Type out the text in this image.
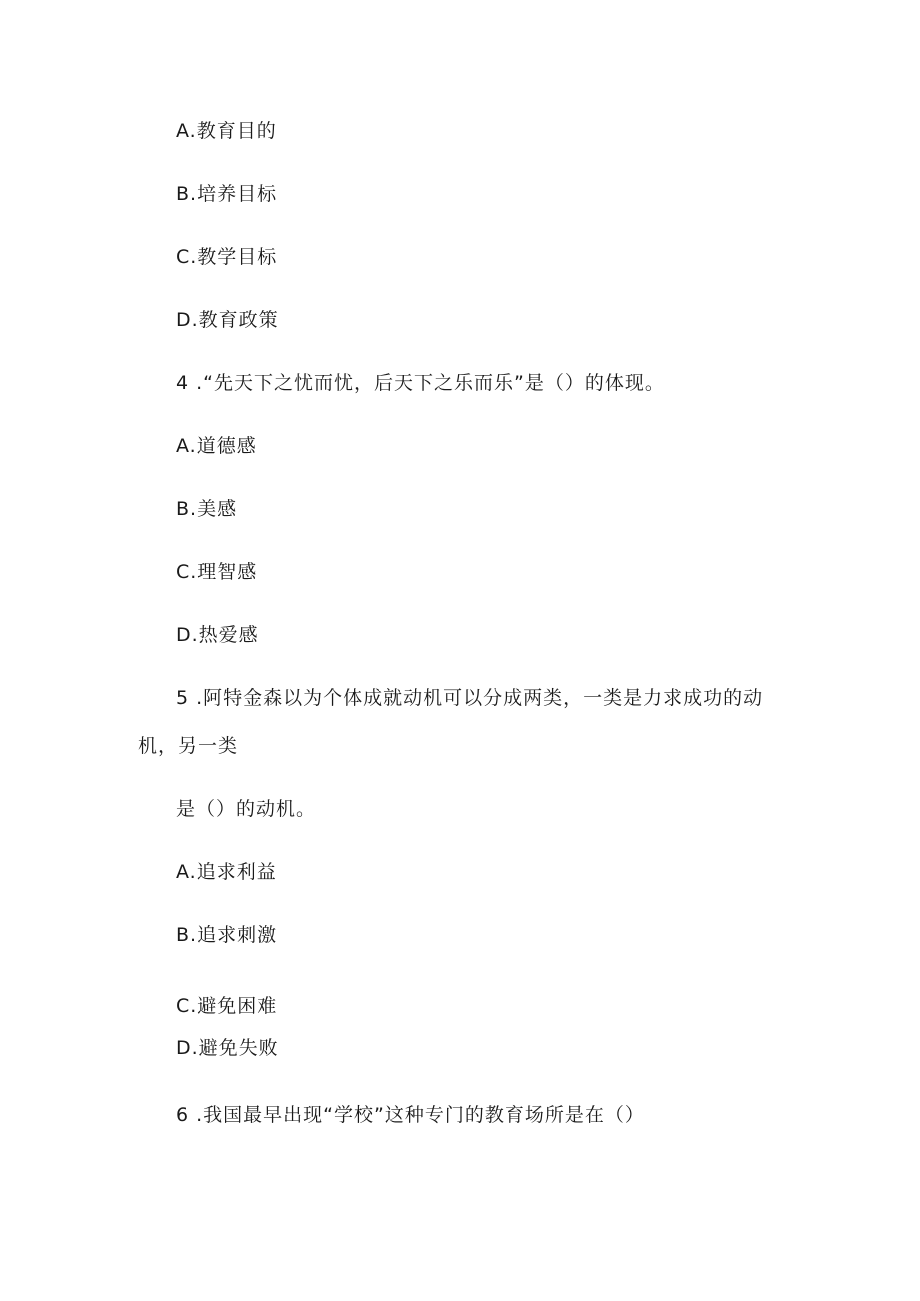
A.教育目的
B.培养目标
C.教学目标
D.教育政策
4 .“先天下之忧而忧，后天下之乐而乐”是（）的体现。
A.道德感
B.美感
C.理智感
D.热爱感
5 .阿特金森以为个体成就动机可以分成两类，一类是力求成功的动
机，另一类
是（）的动机。
A.追求利益
B.追求刺激
C.避免困难
D.避免失败
6 .我国最早出现“学校”这种专门的教育场所是在（）
